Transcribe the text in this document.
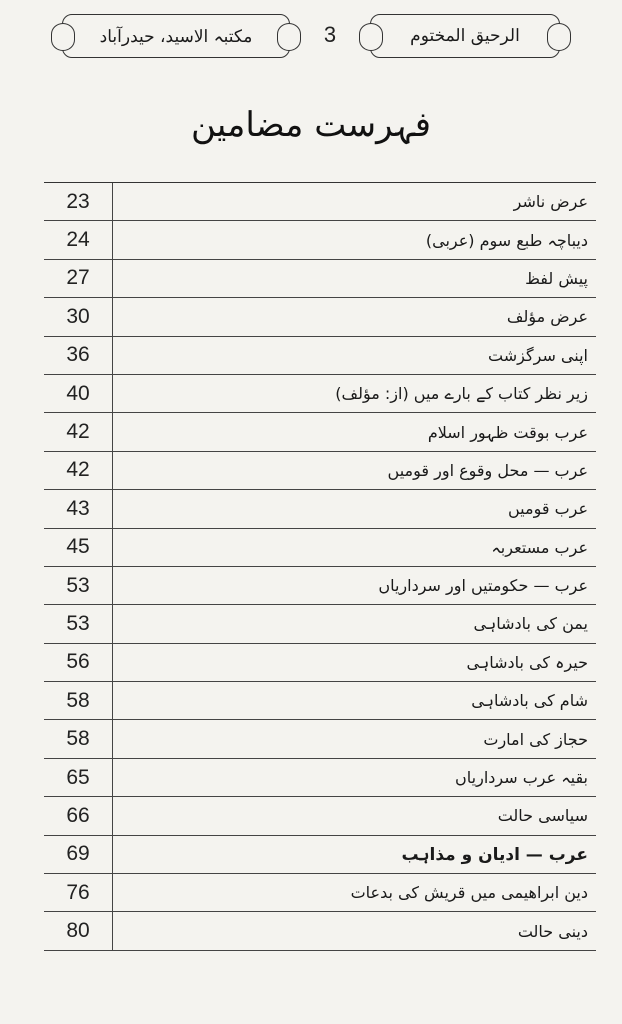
مکتبہ الاسید، حیدرآباد	3	الرحیق المختوم
فہرست مضامین
23	عرض ناشر
24	دیباچہ طبع سوم (عربی)
27	پیش لفظ
30	عرض مؤلف
36	اپنی سرگزشت
40	زیر نظر کتاب کے بارے میں (از: مؤلف)
42	عرب بوقت ظہور اسلام
42	عرب — محل وقوع اور قومیں
43	عرب قومیں
45	عرب مستعربہ
53	عرب — حکومتیں اور سرداریاں
53	یمن کی بادشاہی
56	حیرہ کی بادشاہی
58	شام کی بادشاہی
58	حجاز کی امارت
65	بقیہ عرب سرداریاں
66	سیاسی حالت
69	عرب — ادیان و مذاہب
76	دین ابراھیمی میں قریش کی بدعات
80	دینی حالت
